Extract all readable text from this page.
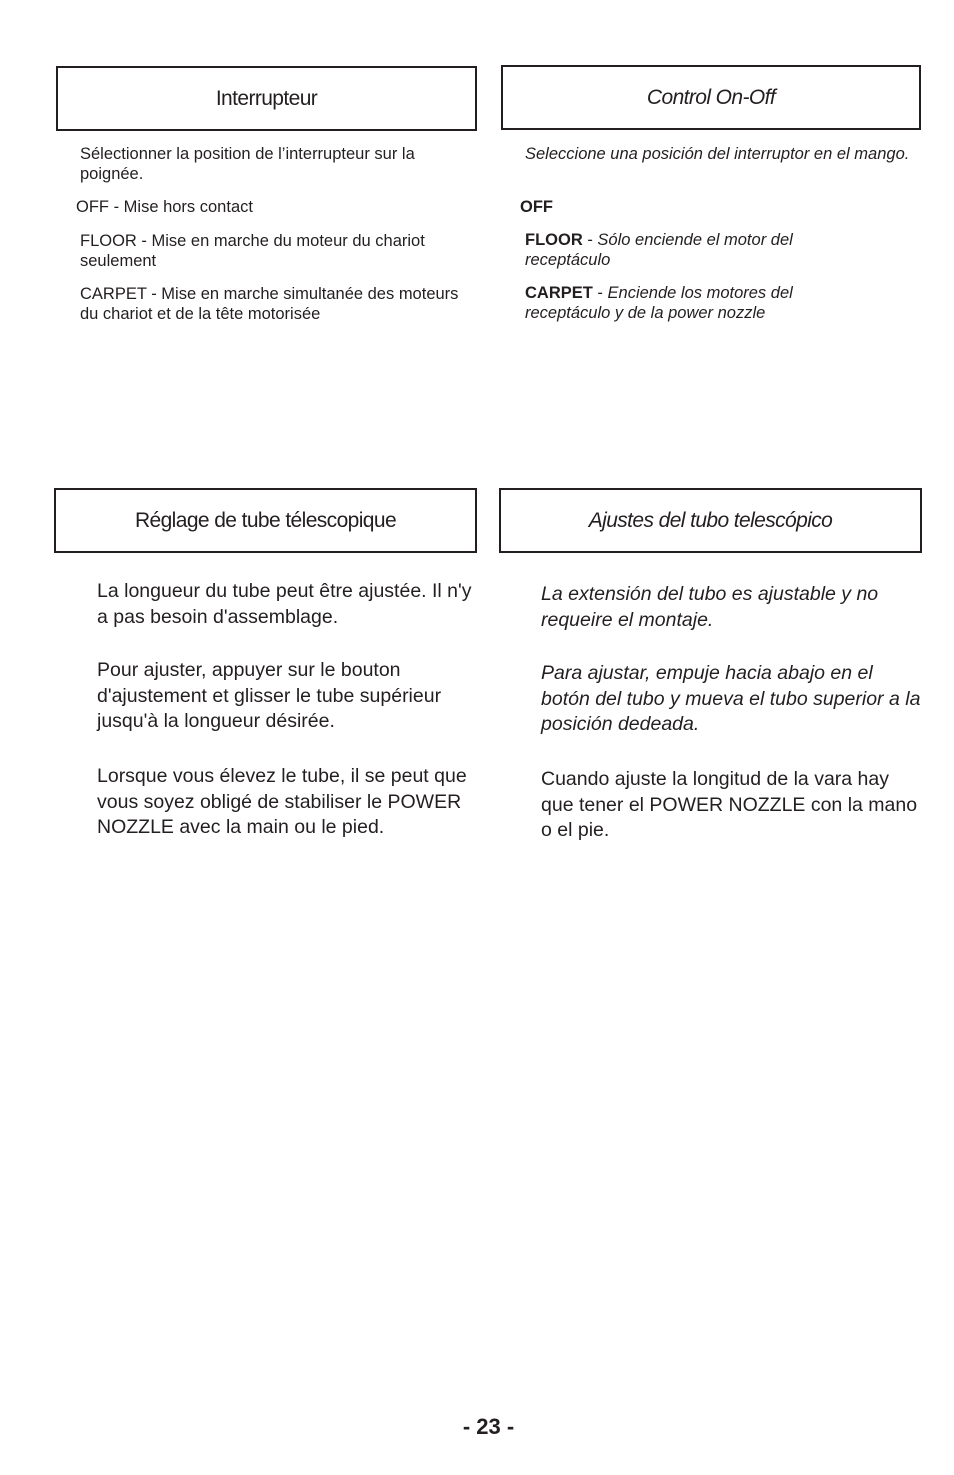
Interrupteur

Sélectionner la position de l’interrupteur sur la poignée.

OFF - Mise hors contact

FLOOR - Mise en marche du moteur du chariot seulement

CARPET - Mise en marche simultanée des moteurs du chariot et de la tête motorisée

Control On-Off

Seleccione una posición del interruptor en el mango.

OFF

FLOOR - Sólo enciende el motor del receptáculo

CARPET - Enciende los motores del receptáculo y de la power nozzle

Réglage de tube télescopique

La longueur du tube peut être ajustée. Il n'y a pas besoin d'assemblage.

Pour ajuster, appuyer sur le bouton d'ajustement et glisser le tube supérieur jusqu'à la longueur désirée.

Lorsque vous élevez le tube, il se peut que vous soyez obligé de stabiliser le POWER NOZZLE avec la main ou le pied.

Ajustes del tubo telescópico

La extensión del tubo es ajustable y no requeire el montaje.

Para ajustar, empuje hacia abajo en el botón del tubo y mueva el tubo superior a la posición dedeada.

Cuando ajuste la longitud de la vara hay que tener el POWER NOZZLE con la mano o el pie.

- 23 -
